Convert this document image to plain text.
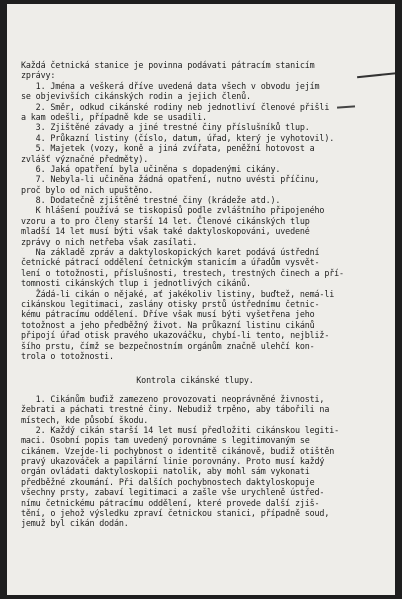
Každá četnická stanice je povinna podávati pátracím stanicím
zprávy:
1. Jména a veškerá dříve uvedená data všech v obvodu jejím
se objevivších cikánských rodin a jejich členů.
2. Směr, odkud cikánské rodiny neb jednotliví členové přišli
a kam odešli, případně kde se usadili.
3. Zjištěné závady a jiné trestné činy příslušníků tlup.
4. Průkazní listiny (číslo, datum, úřad, který je vyhotovil).
5. Majetek (vozy, koně a jiná zvířata, peněžní hotovost a
zvlášť význačné předměty).
6. Jaká opatření byla učiněna s dopadenými cikány.
7. Nebyla-li učiněna žádná opatření, nutno uvésti příčinu,
proč bylo od nich upuštěno.
8. Dodatečně zjištěné trestné činy (krádeže atd.).
K hlášení používá se tiskopisů podle zvláštního připojeného
vzoru a to pro členy starší 14 let. Členové cikánských tlup
mladší 14 let musí býti však také daktyloskopováni, uvedené
zprávy o nich netřeba však zasílati.
Na základě zpráv a daktyloskopických karet podává ústřední
četnické pátrací oddělení četnickým stanicím a úřadům vysvět-
lení o totožnosti, příslušnosti, trestech, trestných činech a pří-
tomnosti cikánských tlup i jednotlivých cikánů.
Žádá-li cikán o nějaké, ať jakékoliv listiny, buďtež, nemá-li
cikánskou legitimaci, zaslány otisky prstů ústřednímu četnic-
kému pátracímu oddělení. Dříve však musí býti vyšetřena jeho
totožnost a jeho předběžný život. Na průkazní listinu cikánů
připojí úřad otisk pravého ukazováčku, chybí-li tento, nejbliž-
šího prstu, čímž se bezpečnostním orgánům značně ulehčí kon-
trola o totožnosti.
Kontrola cikánské tlupy.
1. Cikánům buďiž zamezeno provozovati neoprávněné živnosti,
žebrati a páchati trestné činy. Nebudiž trpěno, aby tábořili na
místech, kde působí škodu.
2. Každý cikán starší 14 let musí předložiti cikánskou legiti-
maci. Osobní popis tam uvedený porovnáme s legitimovaným se
cikánem. Vzejde-li pochybnost o identitě cikánově, budiž otištěn
pravý ukazováček a papilární linie porovnány. Proto musí každý
orgán ovládati daktyloskopii natolik, aby mohl sám vykonati
předběžné zkoumání. Při dalších pochybnostech daktyloskopuje
všechny prsty, zabaví legitimaci a zašle vše urychleně ústřed-
nímu četnickému pátracímu oddělení, které provede další zjiš-
tění, o jehož výsledku zpraví četnickou stanici, případně soud,
jemuž byl cikán dodán.
